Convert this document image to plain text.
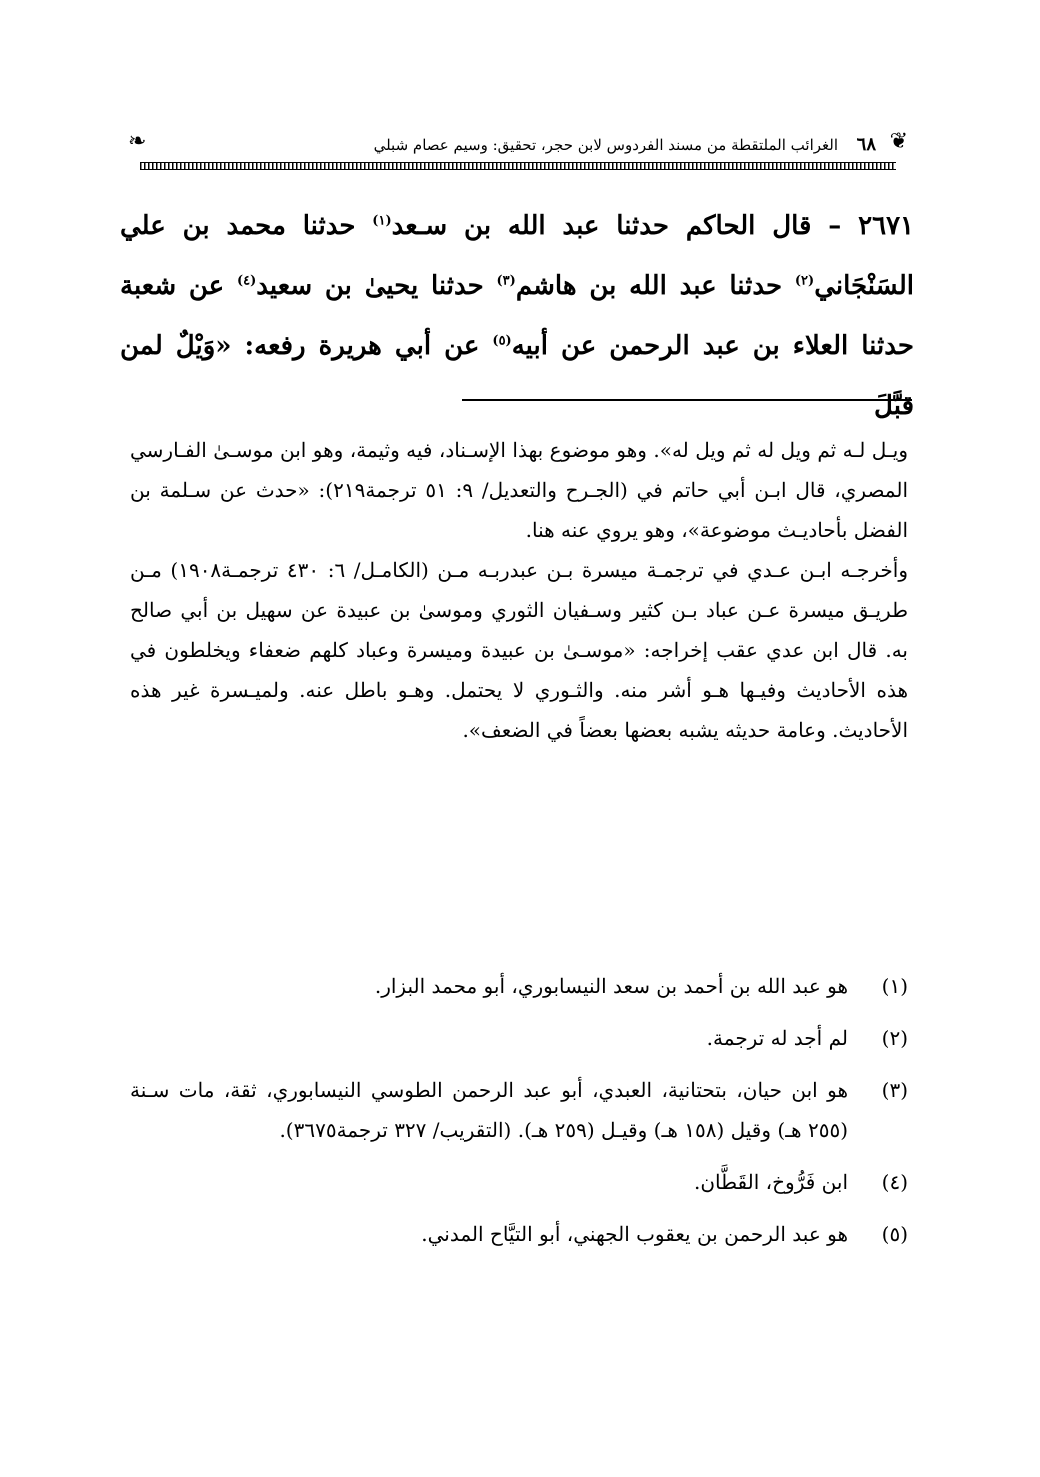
❦
٦٨
الغرائب الملتقطة من مسند الفردوس لابن حجر، تحقيق: وسيم عصام شبلي
❧

٢٦٧١ – قال الحاكم حدثنا عبد الله بن سـعد$^{(١)}$ حدثنا محمد بن علي السَنْجَاني$^{(٢)}$ حدثنا عبد الله بن هاشم$^{(٣)}$ حدثنا يحيىٰ بن سعيد$^{(٤)}$ عن شعبة حدثنا العلاء بن عبد الرحمن عن أبيه$^{(٥)}$ عن أبي هريرة رفعه: «وَيْلٌ لمن قبَّلَ

ويـل لـه ثم ويل له ثم ويل له». وهو موضوع بهذا الإسـناد، فيه وثيمة، وهو ابن موسـىٰ الفـارسي المصري، قال ابـن أبي حاتم في (الجـرح والتعديل/ ٩: ٥١ ترجمة٢١٩): «حدث عن سـلمة بن الفضل بأحاديـث موضوعة»، وهو يروي عنه هنا.

وأخرجـه ابـن عـدي في ترجمـة ميسرة بـن عبدربـه مـن (الكامـل/ ٦: ٤٣٠ ترجمـة١٩٠٨) مـن طريـق ميسرة عـن عباد بـن كثير وسـفيان الثوري وموسىٰ بن عبيدة عن سهيل بن أبي صالح به. قال ابن عدي عقب إخراجه: «موسـىٰ بن عبيدة وميسرة وعباد كلهم ضعفاء ويخلطون في هذه الأحاديث وفيـها هـو أشر منه. والثـوري لا يحتمل. وهـو باطل عنه. ولميـسرة غير هذه الأحاديث. وعامة حديثه يشبه بعضها بعضاً في الضعف».

(١)
هو عبد الله بن أحمد بن سعد النيسابوري، أبو محمد البزار.
(٢)
لم أجد له ترجمة.
(٣)
هو ابن حيان، بتحتانية، العبدي، أبو عبد الرحمن الطوسي النيسابوري، ثقة، مات سـنة (٢٥٥ هـ) وقيل (١٥٨ هـ) وقيـل (٢٥٩ هـ). (التقريب/ ٣٢٧ ترجمة٣٦٧٥).
(٤)
ابن فَرُّوخ، القَطَّان.
(٥)
هو عبد الرحمن بن يعقوب الجهني، أبو التيَّاح المدني.
